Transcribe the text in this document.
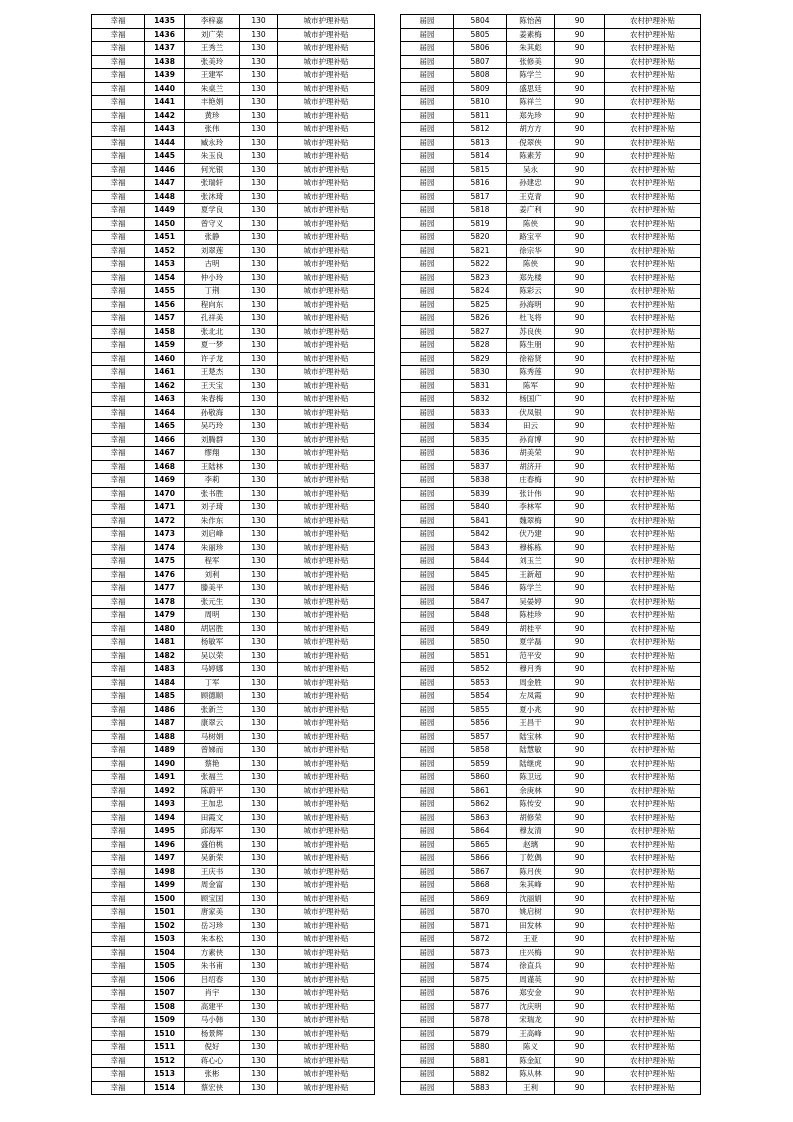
幸福	1435	李梓嘉	130	城市护理补贴
幸福	1436	刘广荣	130	城市护理补贴
幸福	1437	王秀兰	130	城市护理补贴
幸福	1438	张美玲	130	城市护理补贴
幸福	1439	王建军	130	城市护理补贴
幸福	1440	朱桌兰	130	城市护理补贴
幸福	1441	丰艳娟	130	城市护理补贴
幸福	1442	黄珍	130	城市护理补贴
幸福	1443	张伟	130	城市护理补贴
幸福	1444	臧永玲	130	城市护理补贴
幸福	1445	朱玉良	130	城市护理补贴
幸福	1446	何光银	130	城市护理补贴
幸福	1447	张瑞轩	130	城市护理补贴
幸福	1448	张沐琦	130	城市护理补贴
幸福	1449	夏学良	130	城市护理补贴
幸福	1450	曾守义	130	城市护理补贴
幸福	1451	张静	130	城市护理补贴
幸福	1452	刘翠莲	130	城市护理补贴
幸福	1453	古明	130	城市护理补贴
幸福	1454	仲小玲	130	城市护理补贴
幸福	1455	丁荆	130	城市护理补贴
幸福	1456	程向东	130	城市护理补贴
幸福	1457	孔祥美	130	城市护理补贴
幸福	1458	张北北	130	城市护理补贴
幸福	1459	夏一梦	130	城市护理补贴
幸福	1460	许子龙	130	城市护理补贴
幸福	1461	王楚杰	130	城市护理补贴
幸福	1462	王天宝	130	城市护理补贴
幸福	1463	朱春梅	130	城市护理补贴
幸福	1464	孙敬海	130	城市护理补贴
幸福	1465	吴巧玲	130	城市护理补贴
幸福	1466	刘腾群	130	城市护理补贴
幸福	1467	缪翔	130	城市护理补贴
幸福	1468	王陆林	130	城市护理补贴
幸福	1469	李莉	130	城市护理补贴
幸福	1470	张书胜	130	城市护理补贴
幸福	1471	刘子琦	130	城市护理补贴
幸福	1472	朱作东	130	城市护理补贴
幸福	1473	刘启峰	130	城市护理补贴
幸福	1474	朱丽珍	130	城市护理补贴
幸福	1475	程军	130	城市护理补贴
幸福	1476	刘利	130	城市护理补贴
幸福	1477	滕美平	130	城市护理补贴
幸福	1478	张元生	130	城市护理补贴
幸福	1479	周明	130	城市护理补贴
幸福	1480	胡居胜	130	城市护理补贴
幸福	1481	杨敏军	130	城市护理补贴
幸福	1482	吴以荣	130	城市护理补贴
幸福	1483	马婷娜	130	城市护理补贴
幸福	1484	丁军	130	城市护理补贴
幸福	1485	顾德顺	130	城市护理补贴
幸福	1486	张新兰	130	城市护理补贴
幸福	1487	康翠云	130	城市护理补贴
幸福	1488	马树娟	130	城市护理补贴
幸福	1489	曾娣而	130	城市护理补贴
幸福	1490	蔡艳	130	城市护理补贴
幸福	1491	张福兰	130	城市护理补贴
幸福	1492	陈蔚平	130	城市护理补贴
幸福	1493	王加忠	130	城市护理补贴
幸福	1494	田霞文	130	城市护理补贴
幸福	1495	邱海军	130	城市护理补贴
幸福	1496	盛伯桃	130	城市护理补贴
幸福	1497	吴新荣	130	城市护理补贴
幸福	1498	王庆书	130	城市护理补贴
幸福	1499	周金富	130	城市护理补贴
幸福	1500	顾宝国	130	城市护理补贴
幸福	1501	唐家美	130	城市护理补贴
幸福	1502	岳习珍	130	城市护理补贴
幸福	1503	朱本松	130	城市护理补贴
幸福	1504	方素侠	130	城市护理补贴
幸福	1505	朱书甫	130	城市护理补贴
幸福	1506	吕绍春	130	城市护理补贴
幸福	1507	肖宇	130	城市护理补贴
幸福	1508	高建平	130	城市护理补贴
幸福	1509	马小韩	130	城市护理补贴
幸福	1510	杨景辉	130	城市护理补贴
幸福	1511	倪好	130	城市护理补贴
幸福	1512	蒋心心	130	城市护理补贴
幸福	1513	张彬	130	城市护理补贴
幸福	1514	蔡宏侠	130	城市护理补贴
届园	5804	陈怡茜	90	农村护理补贴
届园	5805	姜素梅	90	农村护理补贴
届园	5806	朱其彪	90	农村护理补贴
届园	5807	张修美	90	农村护理补贴
届园	5808	陈学兰	90	农村护理补贴
届园	5809	盛思廷	90	农村护理补贴
届园	5810	陈祥兰	90	农村护理补贴
届园	5811	郑先珍	90	农村护理补贴
届园	5812	胡方方	90	农村护理补贴
届园	5813	倪翠侠	90	农村护理补贴
届园	5814	陈素芳	90	农村护理补贴
届园	5815	吴永	90	农村护理补贴
届园	5816	孙建忠	90	农村护理补贴
届园	5817	王克青	90	农村护理补贴
届园	5818	姜广利	90	农村护理补贴
届园	5819	陈侠	90	农村护理补贴
届园	5820	路宝平	90	农村护理补贴
届园	5821	徐宗华	90	农村护理补贴
届园	5822	陈侠	90	农村护理补贴
届园	5823	郑先楼	90	农村护理补贴
届园	5824	陈彩云	90	农村护理补贴
届园	5825	孙海明	90	农村护理补贴
届园	5826	杜飞将	90	农村护理补贴
届园	5827	苏良侠	90	农村护理补贴
届园	5828	陈生朋	90	农村护理补贴
届园	5829	徐裕贤	90	农村护理补贴
届园	5830	陈秀莲	90	农村护理补贴
届园	5831	陈军	90	农村护理补贴
届园	5832	杨国广	90	农村护理补贴
届园	5833	伏凤银	90	农村护理补贴
届园	5834	田云	90	农村护理补贴
届园	5835	孙育博	90	农村护理补贴
届园	5836	胡美荣	90	农村护理补贴
届园	5837	胡济开	90	农村护理补贴
届园	5838	庄春梅	90	农村护理补贴
届园	5839	张计伟	90	农村护理补贴
届园	5840	李林军	90	农村护理补贴
届园	5841	魏翠梅	90	农村护理补贴
届园	5842	伏乃建	90	农村护理补贴
届园	5843	穆栋栋	90	农村护理补贴
届园	5844	刘玉兰	90	农村护理补贴
届园	5845	王新超	90	农村护理补贴
届园	5846	陈学兰	90	农村护理补贴
届园	5847	吴晏婷	90	农村护理补贴
届园	5848	陈桂珍	90	农村护理补贴
届园	5849	胡桂平	90	农村护理补贴
届园	5850	夏学磊	90	农村护理补贴
届园	5851	范平安	90	农村护理补贴
届园	5852	穆月秀	90	农村护理补贴
届园	5853	周金胜	90	农村护理补贴
届园	5854	左凤霞	90	农村护理补贴
届园	5855	夏小兆	90	农村护理补贴
届园	5856	王昌干	90	农村护理补贴
届园	5857	陆宝林	90	农村护理补贴
届园	5858	陆慧敏	90	农村护理补贴
届园	5859	陆继虎	90	农村护理补贴
届园	5860	陈卫远	90	农村护理补贴
届园	5861	余庚林	90	农村护理补贴
届园	5862	陈传安	90	农村护理补贴
届园	5863	胡修荣	90	农村护理补贴
届园	5864	穆友清	90	农村护理补贴
届园	5865	赵璃	90	农村护理补贴
届园	5866	丁乾偶	90	农村护理补贴
届园	5867	陈月侠	90	农村护理补贴
届园	5868	朱其峰	90	农村护理补贴
届园	5869	沈丽娟	90	农村护理补贴
届园	5870	姚启树	90	农村护理补贴
届园	5871	田发林	90	农村护理补贴
届园	5872	王亚	90	农村护理补贴
届园	5873	庄兴梅	90	农村护理补贴
届园	5874	徐直兵	90	农村护理补贴
届园	5875	周谨英	90	农村护理补贴
届园	5876	郑安金	90	农村护理补贴
届园	5877	沈庆明	90	农村护理补贴
届园	5878	宋瑞龙	90	农村护理补贴
届园	5879	王高峰	90	农村护理补贴
届园	5880	陈义	90	农村护理补贴
届园	5881	陈金缸	90	农村护理补贴
届园	5882	陈从林	90	农村护理补贴
届园	5883	王利	90	农村护理补贴
